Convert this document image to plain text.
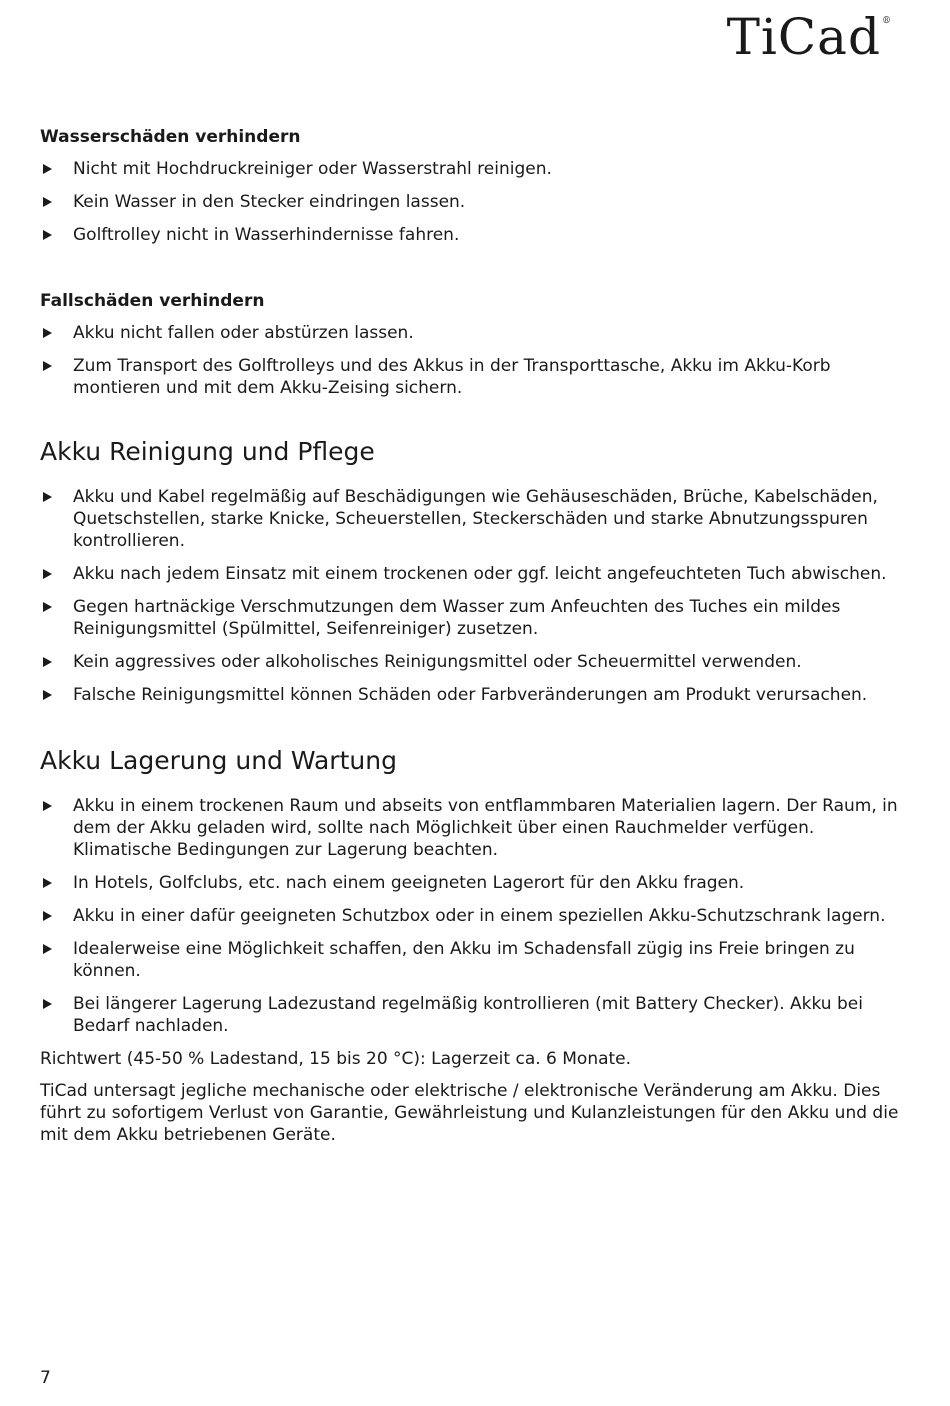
TiCad®
Wasserschäden verhindern
Nicht mit Hochdruckreiniger oder Wasserstrahl reinigen.
Kein Wasser in den Stecker eindringen lassen.
Golftrolley nicht in Wasserhindernisse fahren.
Fallschäden verhindern
Akku nicht fallen oder abstürzen lassen.
Zum Transport des Golftrolleys und des Akkus in der Transporttasche, Akku im Akku-Korb montieren und mit dem Akku-Zeising sichern.
Akku Reinigung und Pflege
Akku und Kabel regelmäßig auf Beschädigungen wie Gehäuseschäden, Brüche, Kabelschäden, Quetschstellen, starke Knicke, Scheuerstellen, Steckerschäden und starke Abnutzungsspuren kontrollieren.
Akku nach jedem Einsatz mit einem trockenen oder ggf. leicht angefeuchteten Tuch abwischen.
Gegen hartnäckige Verschmutzungen dem Wasser zum Anfeuchten des Tuches ein mildes Reinigungsmittel (Spülmittel, Seifenreiniger) zusetzen.
Kein aggressives oder alkoholisches Reinigungsmittel oder Scheuermittel verwenden.
Falsche Reinigungsmittel können Schäden oder Farbveränderungen am Produkt verursachen.
Akku Lagerung und Wartung
Akku in einem trockenen Raum und abseits von entflammbaren Materialien lagern. Der Raum, in dem der Akku geladen wird, sollte nach Möglichkeit über einen Rauchmelder verfügen. Klimatische Bedingungen zur Lagerung beachten.
In Hotels, Golfclubs, etc. nach einem geeigneten Lagerort für den Akku fragen.
Akku in einer dafür geeigneten Schutzbox oder in einem speziellen Akku-Schutzschrank lagern.
Idealerweise eine Möglichkeit schaffen, den Akku im Schadensfall zügig ins Freie bringen zu können.
Bei längerer Lagerung Ladezustand regelmäßig kontrollieren (mit Battery Checker). Akku bei Bedarf nachladen.

Richtwert (45-50 % Ladestand, 15 bis 20 °C): Lagerzeit ca. 6 Monate.

TiCad untersagt jegliche mechanische oder elektrische / elektronische Veränderung am Akku. Dies führt zu sofortigem Verlust von Garantie, Gewährleistung und Kulanzleistungen für den Akku und die mit dem Akku betriebenen Geräte.

7
